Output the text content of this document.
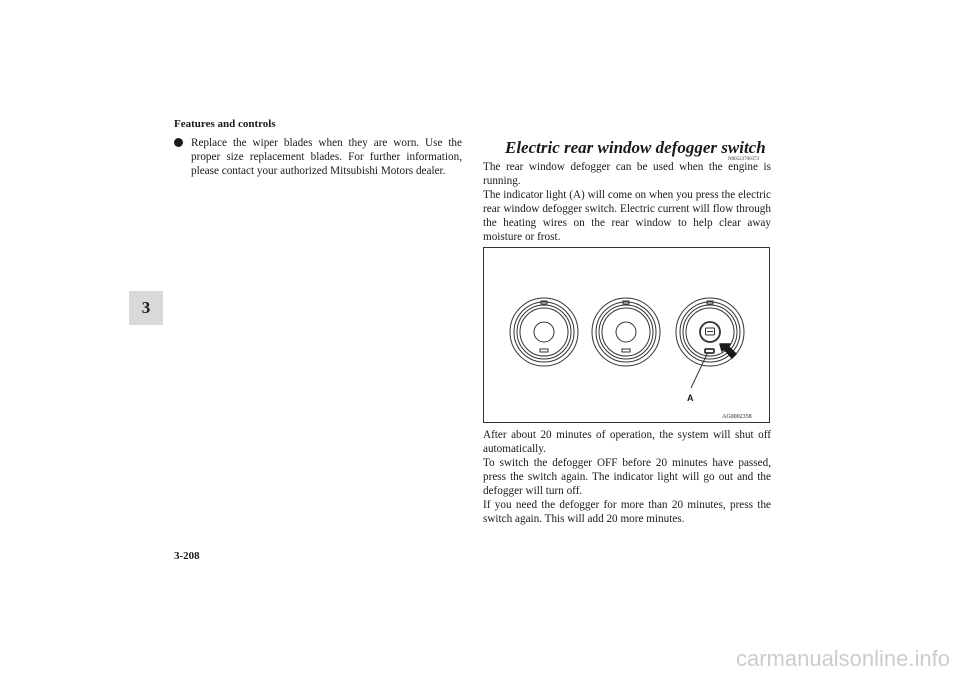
Features and controls
3
Replace the wiper blades when they are worn. Use the proper size replacement blades. For further information, please contact your authorized Mitsubishi Motors dealer.
Electric rear window defogger switch
N00523700373

The rear window defogger can be used when the engine is running.

The indicator light (A) will come on when you press the electric rear window defogger switch. Electric current will flow through the heating wires on the rear window to help clear away moisture or frost.

A
AG0002358

After about 20 minutes of operation, the system will shut off automatically.

To switch the defogger OFF before 20 minutes have passed, press the switch again. The indicator light will go out and the defogger will turn off.

If you need the defogger for more than 20 minutes, press the switch again. This will add 20 more minutes.

3-208
carmanualsonline.info
